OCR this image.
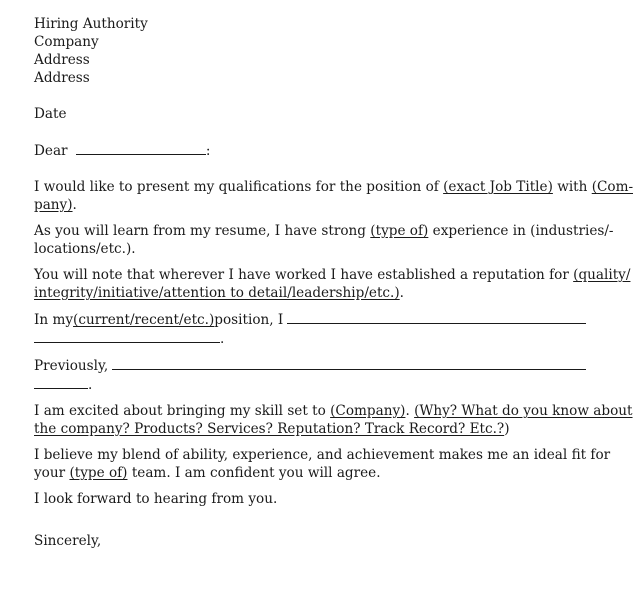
Hiring Authority
Company
Address
Address
Date
Dear	:
I would like to present my qualifications for the position of (exact Job Title) with (Com-
pany).
As you will learn from my resume, I have strong (type of) experience in (industries/-
locations/etc.).
You will note that wherever I have worked I have established a reputation for (quality/
integrity/initiative/attention to detail/leadership/etc.).
In my (current/recent/etc.) position, I
.
Previously,
.
I am excited about bringing my skill set to (Company). (Why? What do you know about
the company? Products? Services? Reputation? Track Record? Etc.?)
I believe my blend of ability, experience, and achievement makes me an ideal fit for
your (type of) team. I am confident you will agree.
I look forward to hearing from you.
Sincerely,
